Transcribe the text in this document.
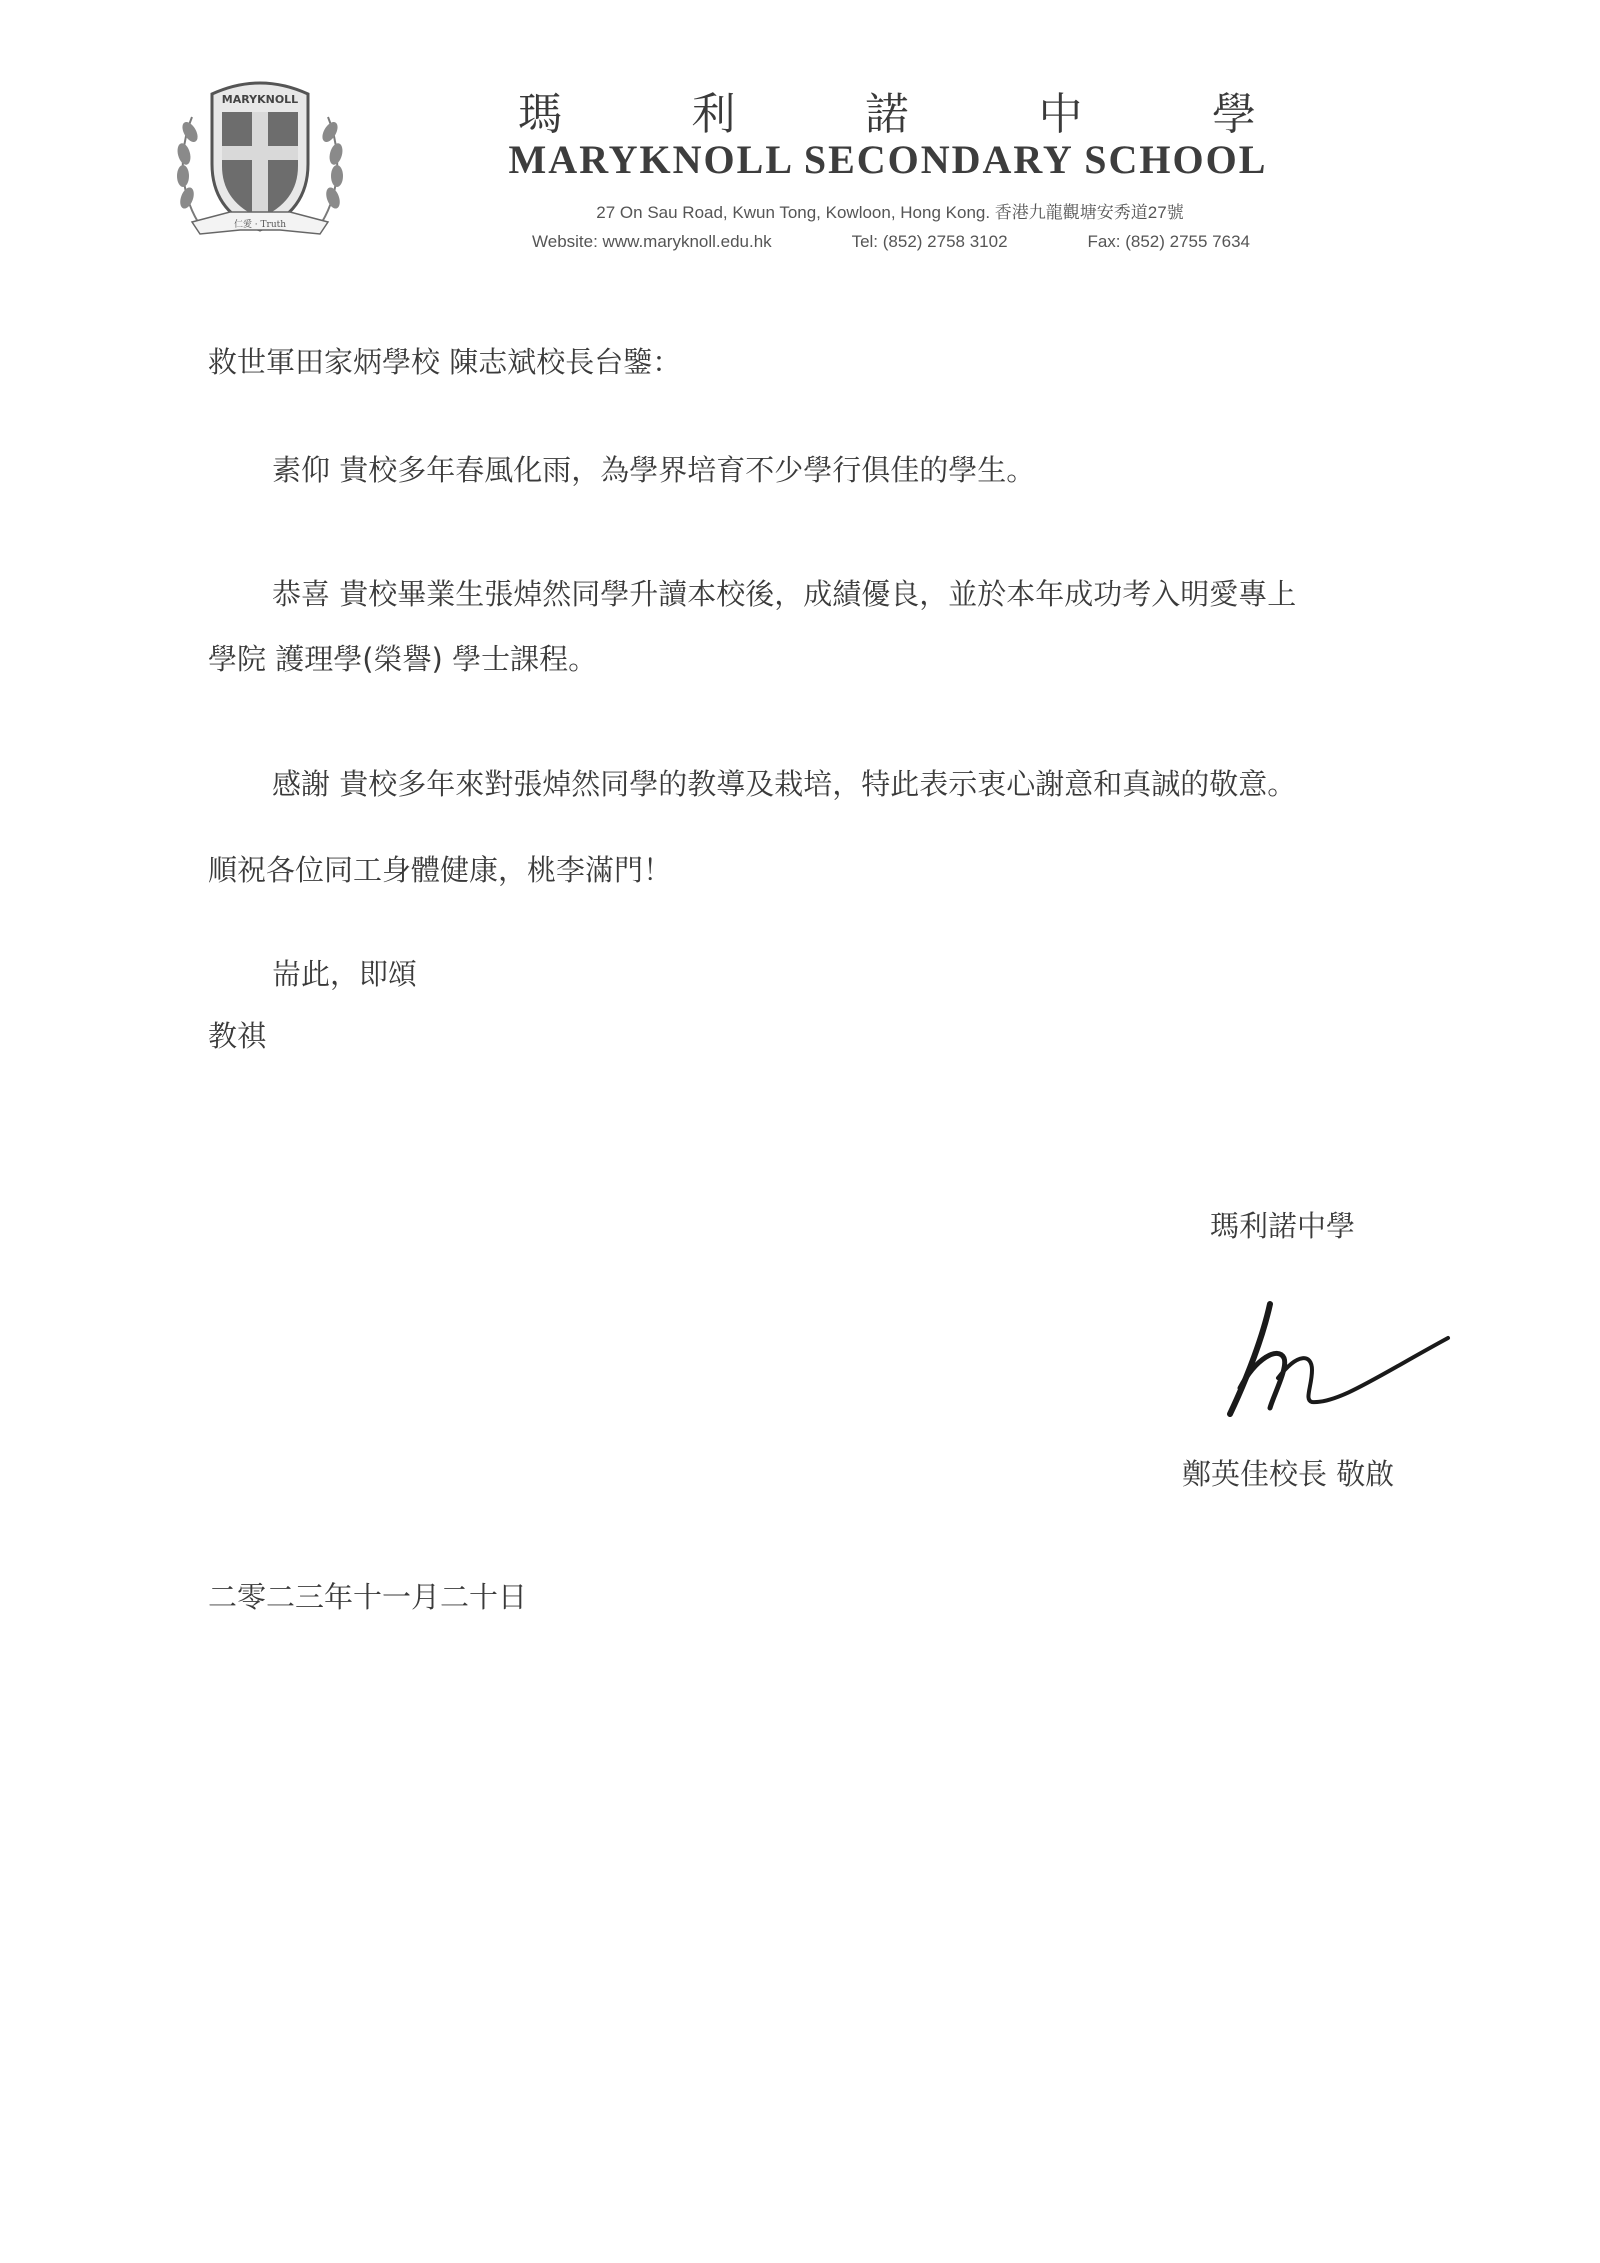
MARYKNOLL
仁愛 · Truth
瑪	利	諾	中	學
MARYKNOLL SECONDARY SCHOOL
27 On Sau Road, Kwun Tong, Kowloon, Hong Kong. 香港九龍觀塘安秀道27號
Website: www.maryknoll.edu.hk	Tel: (852) 2758 3102	Fax: (852) 2755 7634
救世軍田家炳學校 陳志斌校長台鑒：
素仰 貴校多年春風化雨，為學界培育不少學行俱佳的學生。
恭喜 貴校畢業生張焯然同學升讀本校後，成績優良，並於本年成功考入明愛專上
學院 護理學(榮譽) 學士課程。
感謝 貴校多年來對張焯然同學的教導及栽培，特此表示衷心謝意和真誠的敬意。
順祝各位同工身體健康，桃李滿門！
耑此，即頌
教祺
瑪利諾中學
鄭英佳校長 敬啟
二零二三年十一月二十日
